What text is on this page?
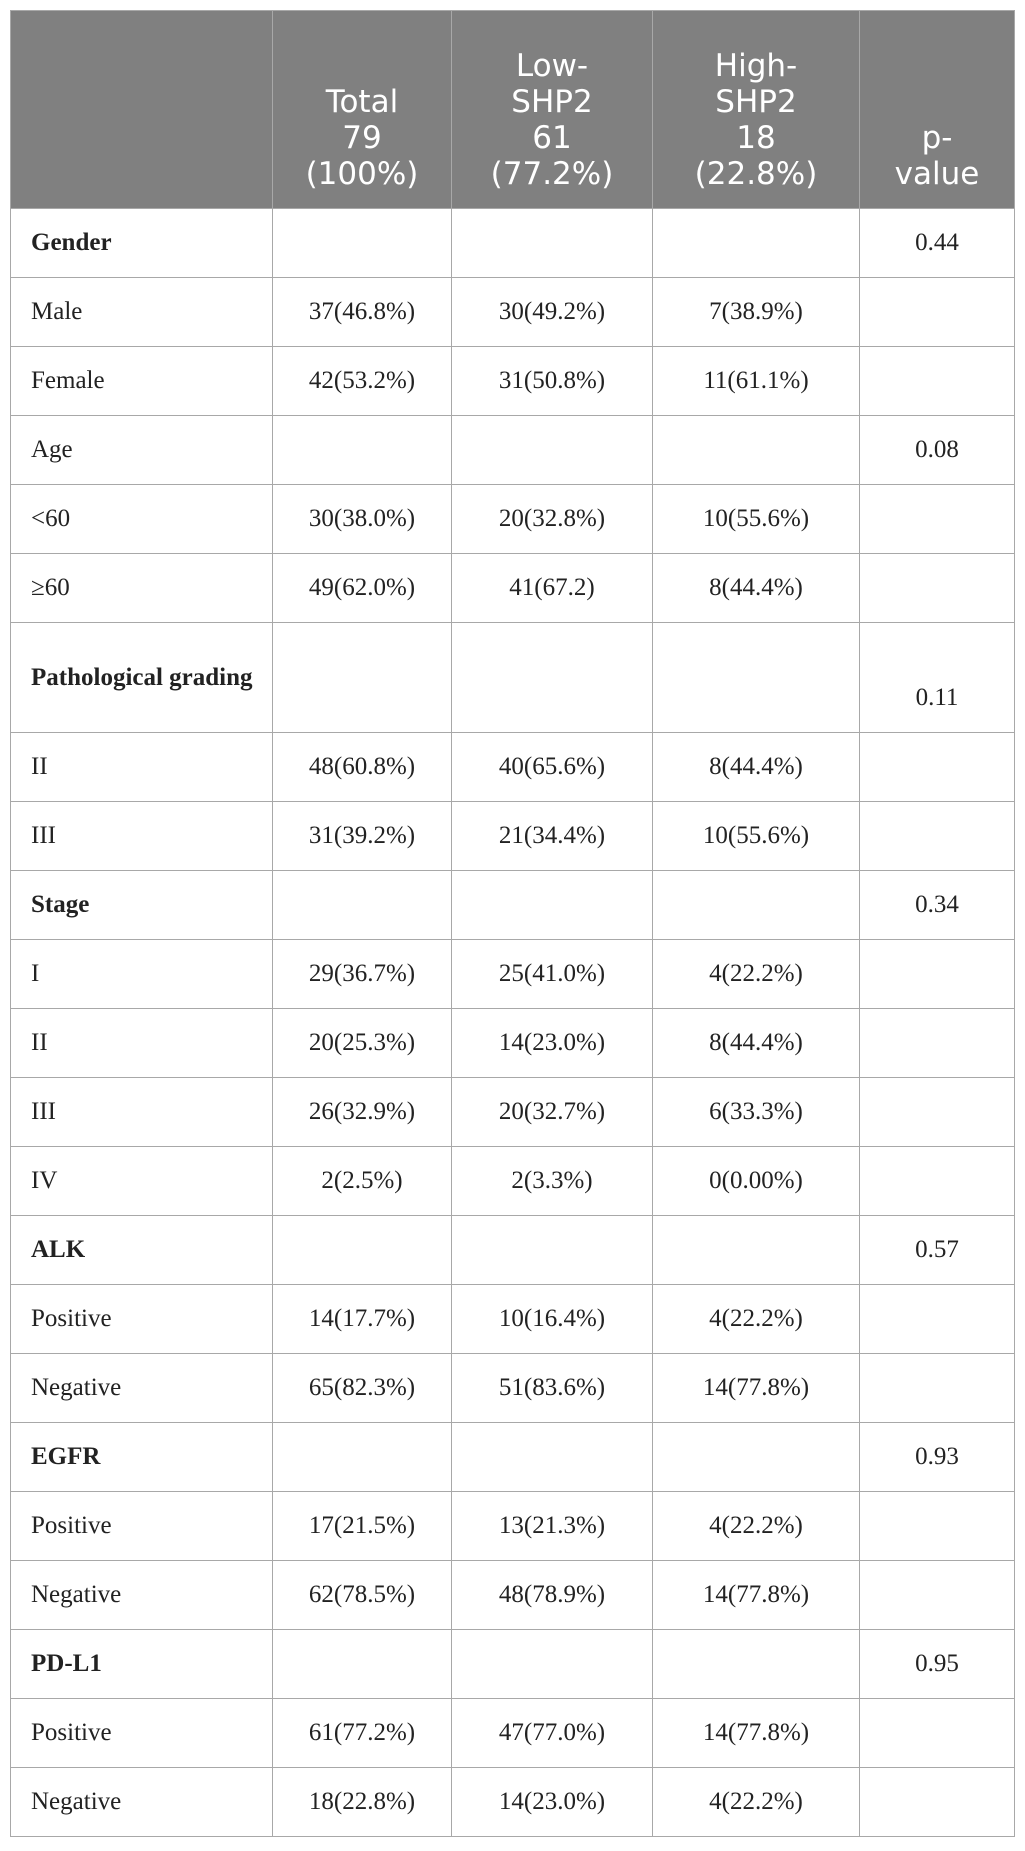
	Total
79
(100%)	Low-
SHP2
61
(77.2%)	High-
SHP2
18
(22.8%)	p-
value

Gender				0.44
Male	37(46.8%)	30(49.2%)	7(38.9%)	
Female	42(53.2%)	31(50.8%)	11(61.1%)	
Age				0.08
<60	30(38.0%)	20(32.8%)	10(55.6%)	
≥60	49(62.0%)	41(67.2)	8(44.4%)	
Pathological grading				0.11
II	48(60.8%)	40(65.6%)	8(44.4%)	
III	31(39.2%)	21(34.4%)	10(55.6%)	
Stage				0.34
I	29(36.7%)	25(41.0%)	4(22.2%)	
II	20(25.3%)	14(23.0%)	8(44.4%)	
III	26(32.9%)	20(32.7%)	6(33.3%)	
IV	2(2.5%)	2(3.3%)	0(0.00%)	
ALK				0.57
Positive	14(17.7%)	10(16.4%)	4(22.2%)	
Negative	65(82.3%)	51(83.6%)	14(77.8%)	
EGFR				0.93
Positive	17(21.5%)	13(21.3%)	4(22.2%)	
Negative	62(78.5%)	48(78.9%)	14(77.8%)	
PD-L1				0.95
Positive	61(77.2%)	47(77.0%)	14(77.8%)	
Negative	18(22.8%)	14(23.0%)	4(22.2%)	
